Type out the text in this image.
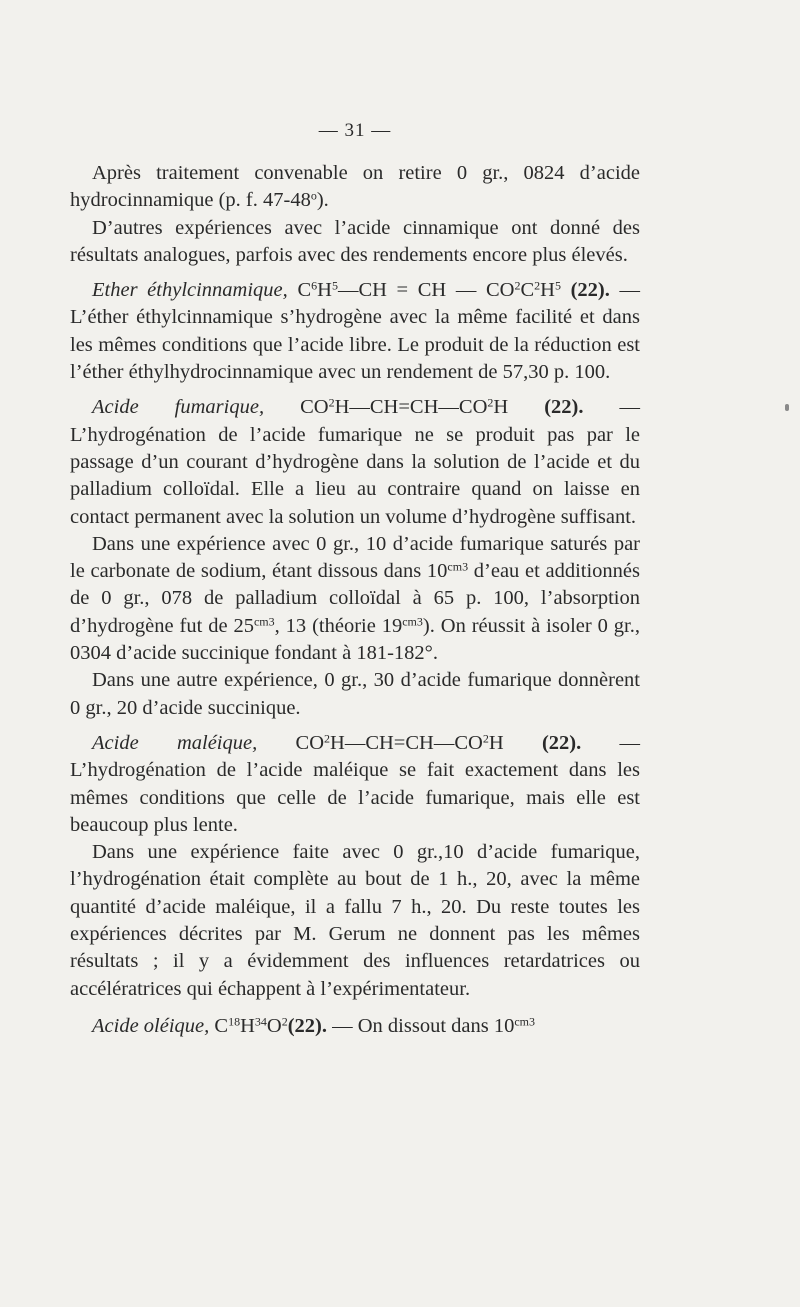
— 31 —

Après traitement convenable on retire 0 gr., 0824 d’acide hydrocinnamique (p. f. 47-48$^o$).

D’autres expériences avec l’acide cinnamique ont donné des résultats analogues, parfois avec des rendements encore plus élevés.

Ether éthylcinnamique, $C^6H^5—CH$ = CH — $CO^2C^2H^5$ (22). — L’éther éthylcinnamique s’hydrogène avec la même facilité et dans les mêmes conditions que l’acide libre. Le produit de la réduction est l’éther éthylhydrocinnamique avec un rendement de 57,30 p. 100.

Acide fumarique, $CO^2H—CH=CH—CO^2H$ (22). — L’hydrogénation de l’acide fumarique ne se produit pas par le passage d’un courant d’hydrogène dans la solution de l’acide et du palladium colloïdal. Elle a lieu au contraire quand on laisse en contact permanent avec la solution un volume d’hydrogène suffisant.

Dans une expérience avec 0 gr., 10 d’acide fumarique saturés par le carbonate de sodium, étant dissous dans $10^{cm3}$ d’eau et additionnés de 0 gr., 078 de palladium colloïdal à 65 p. 100, l’absorption d’hydrogène fut de $25^{cm3}$, 13 (théorie $19^{cm3}$). On réussit à isoler 0 gr., 0304 d’acide succinique fondant à 181-182°.

Dans une autre expérience, 0 gr., 30 d’acide fumarique donnèrent 0 gr., 20 d’acide succinique.

Acide maléique, $CO^2H—CH=CH—CO^2H$ (22). — L’hydrogénation de l’acide maléique se fait exactement dans les mêmes conditions que celle de l’acide fumarique, mais elle est beaucoup plus lente.

Dans une expérience faite avec 0 gr.,10 d’acide fumarique, l’hydrogénation était complète au bout de 1 h., 20, avec la même quantité d’acide maléique, il a fallu 7 h., 20. Du reste toutes les expériences décrites par M. Gerum ne donnent pas les mêmes résultats ; il y a évidemment des influences retardatrices ou accélératrices qui échappent à l’expérimentateur.

Acide oléique, $C^{18}H^{34}O^2(22)$. — On dissout dans $10^{cm3}$
